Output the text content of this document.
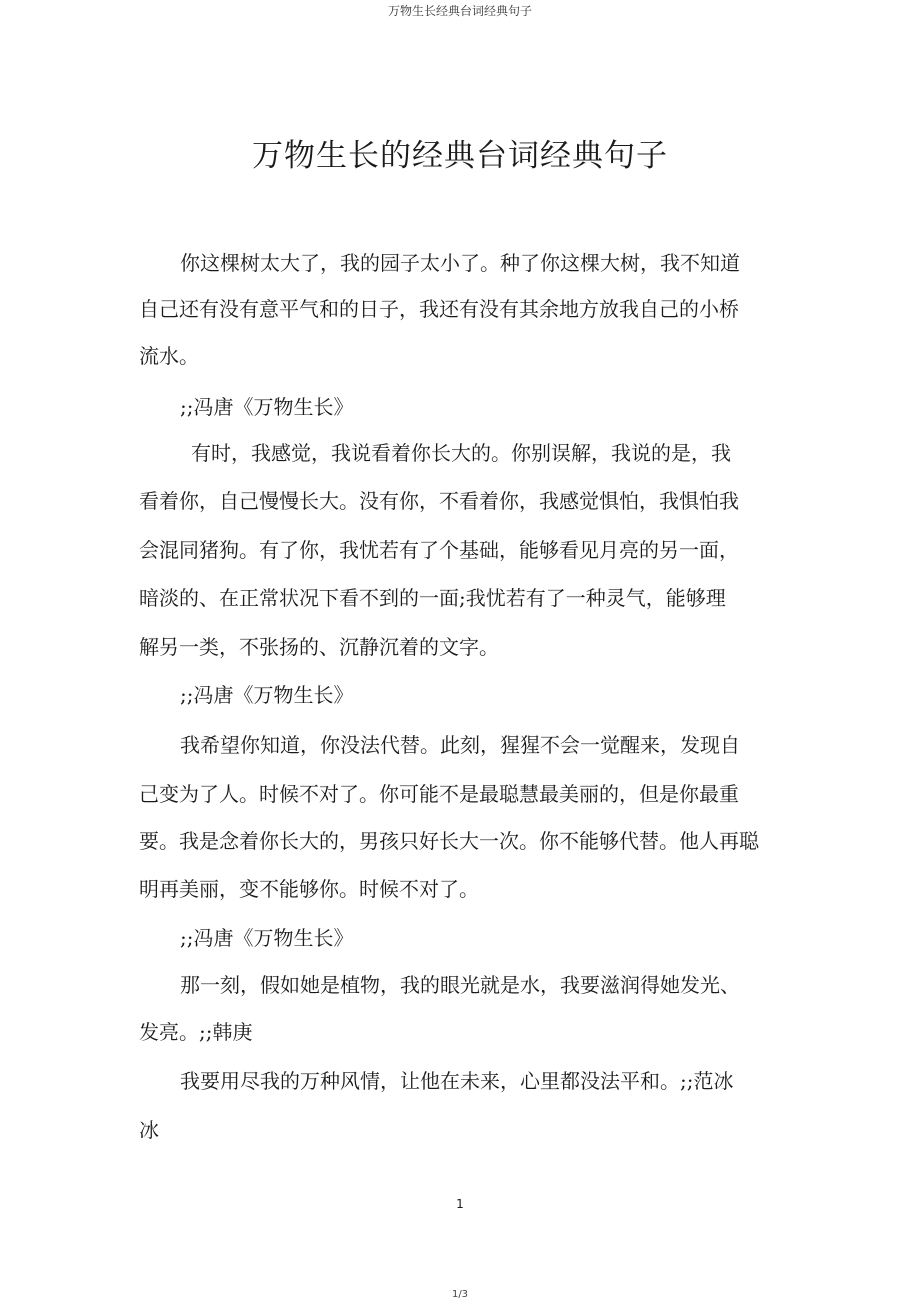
万物生长经典台词经典句子
万物生长的经典台词经典句子
你这棵树太大了，我的园子太小了。种了你这棵大树，我不知道
自己还有没有意平气和的日子，我还有没有其余地方放我自己的小桥
流水。
;;冯唐《万物生长》
有时，我感觉，我说看着你长大的。你别误解，我说的是，我
看着你，自己慢慢长大。没有你，不看着你，我感觉惧怕，我惧怕我
会混同猪狗。有了你，我忧若有了个基础，能够看见月亮的另一面，
暗淡的、在正常状况下看不到的一面;我忧若有了一种灵气，能够理
解另一类，不张扬的、沉静沉着的文字。
;;冯唐《万物生长》
我希望你知道，你没法代替。此刻，猩猩不会一觉醒来，发现自
己变为了人。时候不对了。你可能不是最聪慧最美丽的，但是你最重
要。我是念着你长大的，男孩只好长大一次。你不能够代替。他人再聪
明再美丽，变不能够你。时候不对了。
;;冯唐《万物生长》
那一刻，假如她是植物，我的眼光就是水，我要滋润得她发光、
发亮。;;韩庚
我要用尽我的万种风情，让他在未来，心里都没法平和。;;范冰
冰
1
1/3
